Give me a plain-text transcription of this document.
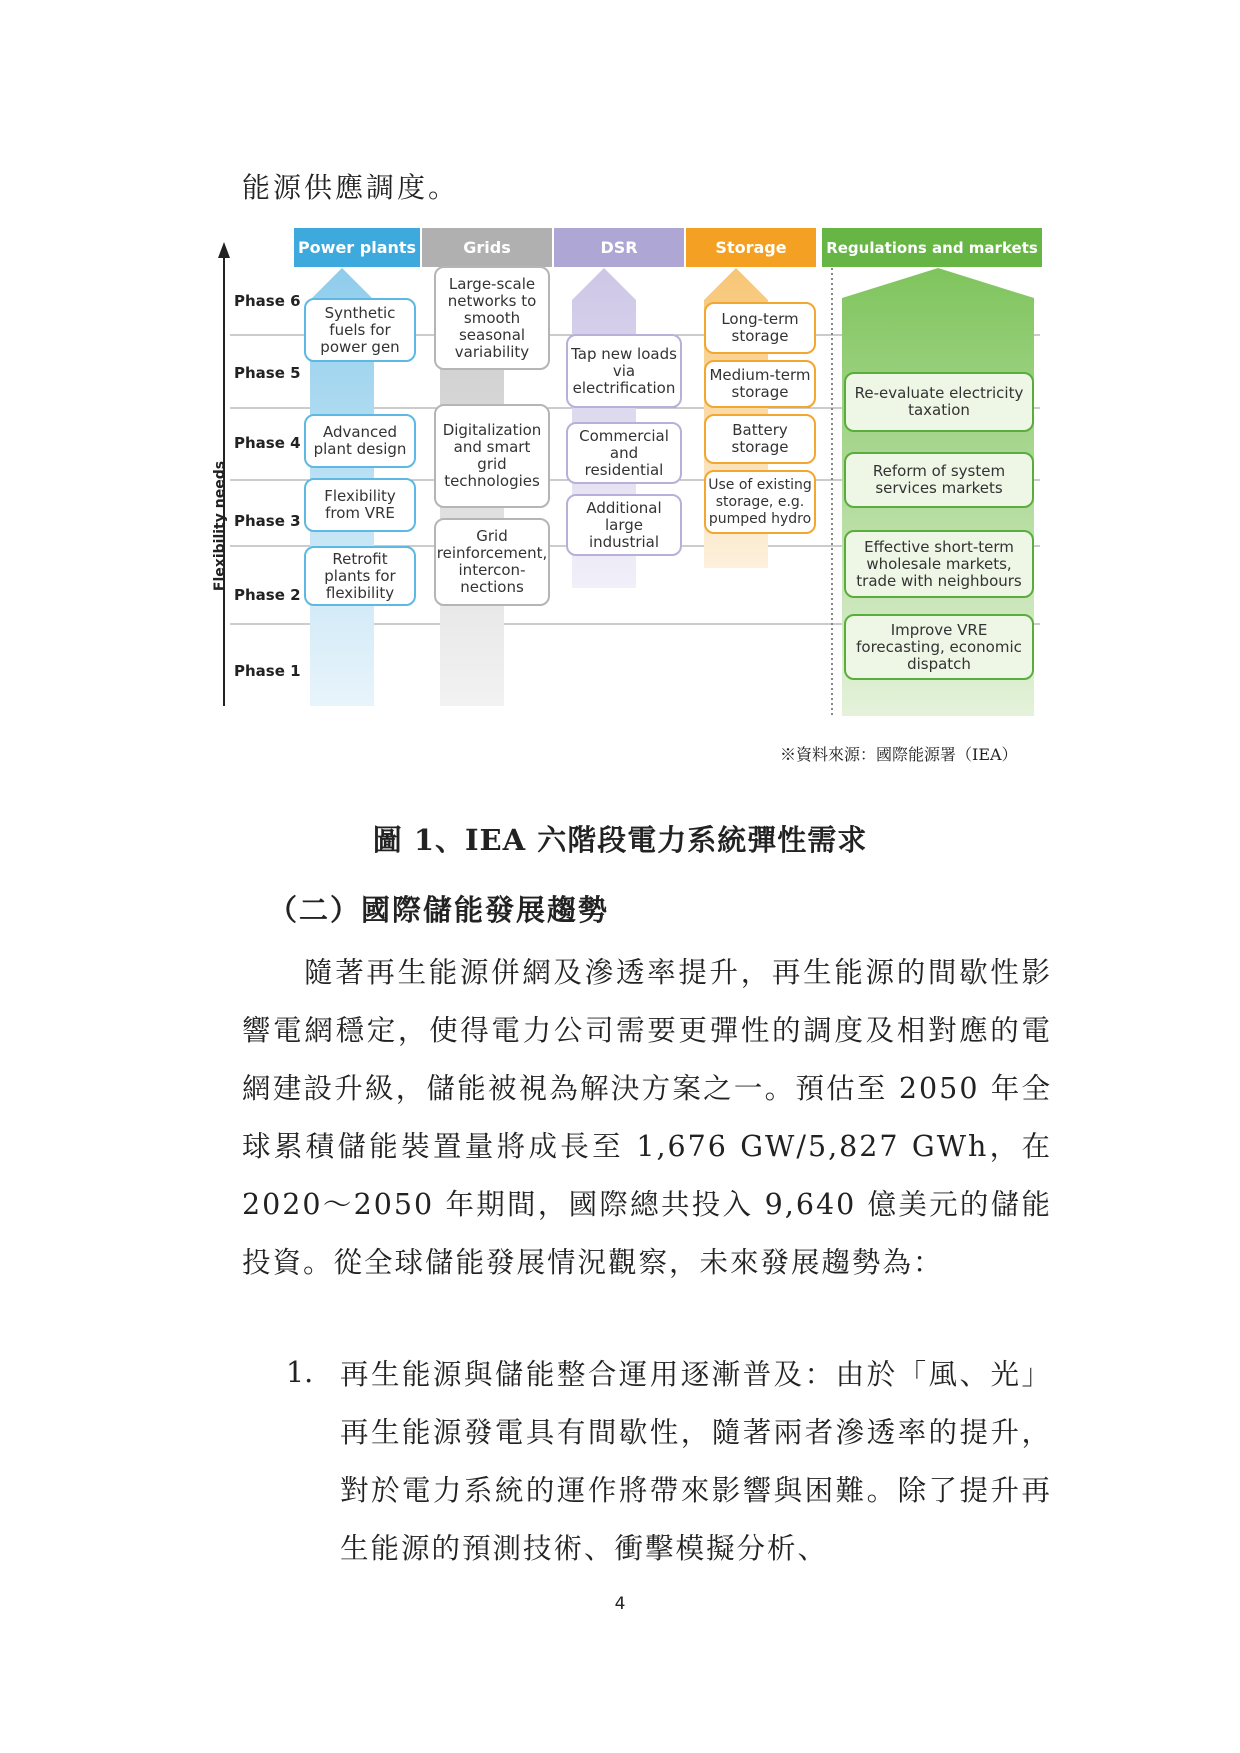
能源供應調度。
Power plants	Grids	DSR	Storage	Regulations and markets
Flexibility needs
Phase 6
Phase 5
Phase 4
Phase 3
Phase 2
Phase 1
Synthetic fuels for power gen
Advanced plant design
Flexibility from VRE
Retrofit plants for flexibility
Large-scale networks to smooth seasonal variability
Digitalization and smart grid technologies
Grid reinforcement, intercon-nections
Tap new loads via electrification
Commercial and residential
Additional large industrial
Long-term storage
Medium-term storage
Battery storage
Use of existing storage, e.g. pumped hydro
Re-evaluate electricity taxation
Reform of system services markets
Effective short-term wholesale markets, trade with neighbours
Improve VRE forecasting, economic dispatch
※資料來源：國際能源署（IEA）
圖 1、IEA 六階段電力系統彈性需求
（二）國際儲能發展趨勢

隨著再生能源併網及滲透率提升，再生能源的間歇性影響電網穩定，使得電力公司需要更彈性的調度及相對應的電網建設升級，儲能被視為解決方案之一。預估至 2050 年全球累積儲能裝置量將成長至 1,676 GW/5,827 GWh，在 2020～2050 年期間，國際總共投入 9,640 億美元的儲能投資。從全球儲能發展情況觀察，未來發展趨勢為：

1. 再生能源與儲能整合運用逐漸普及：由於「風、光」再生能源發電具有間歇性，隨著兩者滲透率的提升，對於電力系統的運作將帶來影響與困難。除了提升再生能源的預測技術、衝擊模擬分析、
4
